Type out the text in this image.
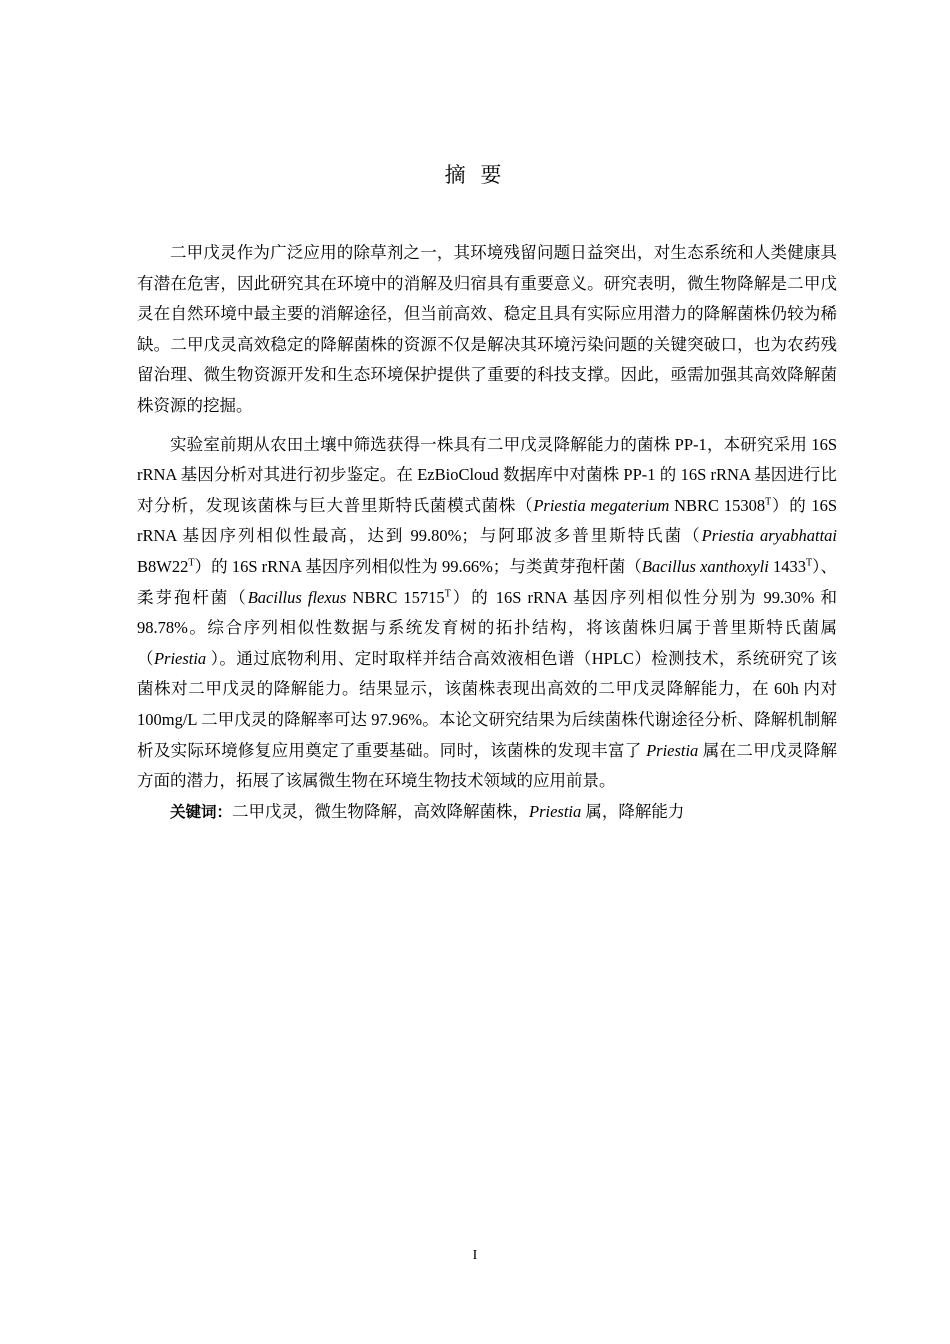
摘 要

二甲戊灵作为广泛应用的除草剂之一，其环境残留问题日益突出，对生态系统和人类健康具有潜在危害，因此研究其在环境中的消解及归宿具有重要意义。研究表明，微生物降解是二甲戊灵在自然环境中最主要的消解途径，但当前高效、稳定且具有实际应用潜力的降解菌株仍较为稀缺。二甲戊灵高效稳定的降解菌株的资源不仅是解决其环境污染问题的关键突破口，也为农药残留治理、微生物资源开发和生态环境保护提供了重要的科技支撑。因此，亟需加强其高效降解菌株资源的挖掘。

实验室前期从农田土壤中筛选获得一株具有二甲戊灵降解能力的菌株 PP-1，本研究采用 16S rRNA 基因分析对其进行初步鉴定。在 EzBioCloud 数据库中对菌株 PP-1 的 16S rRNA 基因进行比对分析，发现该菌株与巨大普里斯特氏菌模式菌株（Priestia megaterium NBRC $15308^T$）的 16S rRNA 基因序列相似性最高，达到 99.80%；与阿耶波多普里斯特氏菌（Priestia aryabhattai $B8W22^T$）的 16S rRNA 基因序列相似性为 99.66%；与类黄芽孢杆菌（Bacillus xanthoxyli $1433^T$）、柔芽孢杆菌（Bacillus flexus NBRC $15715^T$）的 16S rRNA 基因序列相似性分别为 99.30% 和 98.78%。综合序列相似性数据与系统发育树的拓扑结构，将该菌株归属于普里斯特氏菌属（Priestia ）。通过底物利用、定时取样并结合高效液相色谱（HPLC）检测技术，系统研究了该菌株对二甲戊灵的降解能力。结果显示，该菌株表现出高效的二甲戊灵降解能力，在 60h 内对 100mg/L 二甲戊灵的降解率可达 97.96%。本论文研究结果为后续菌株代谢途径分析、降解机制解析及实际环境修复应用奠定了重要基础。同时，该菌株的发现丰富了 Priestia 属在二甲戊灵降解方面的潜力，拓展了该属微生物在环境生物技术领域的应用前景。

关键词：二甲戊灵，微生物降解，高效降解菌株，Priestia 属，降解能力

I
